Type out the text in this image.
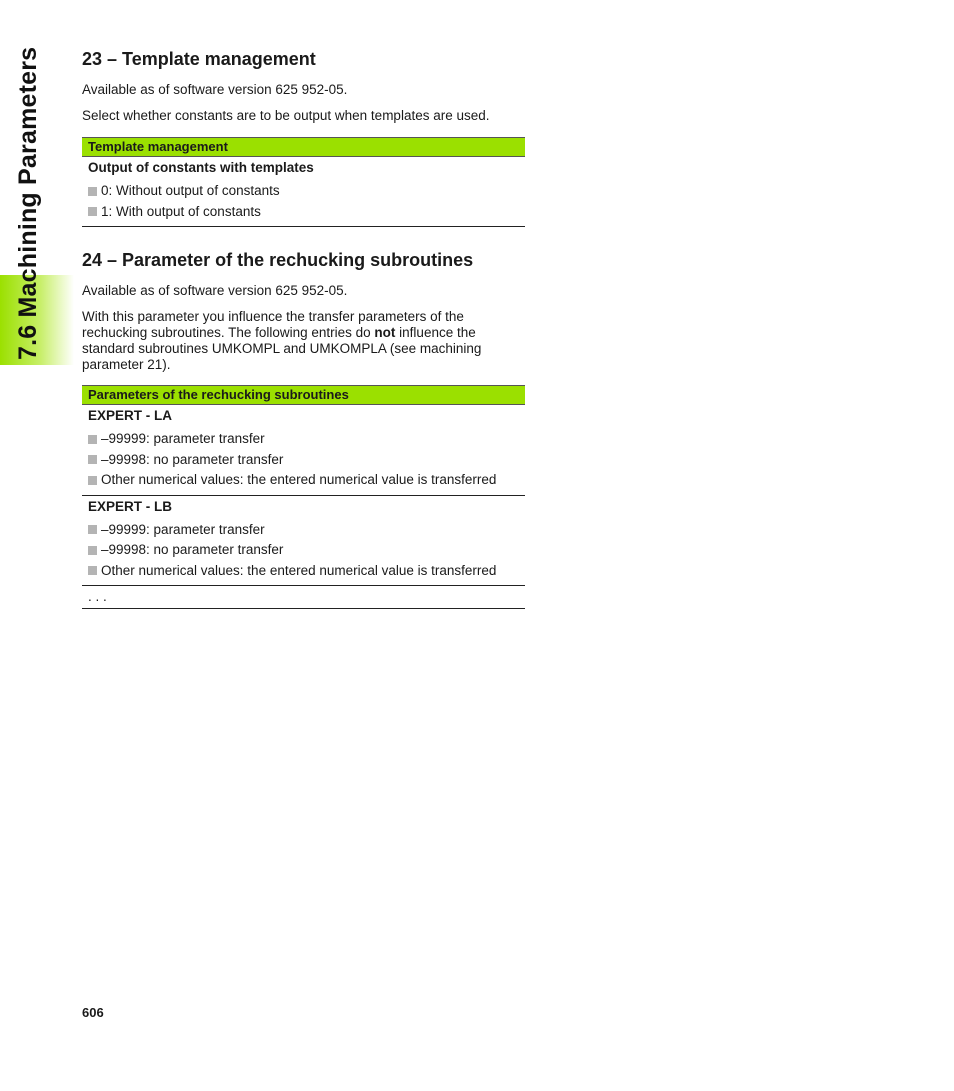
7.6 Machining Parameters 23 – Template management

Available as of software version 625 952-05.

Select whether constants are to be output when templates are used.

Template management
Output of constants with templates
0: Without output of constants
1: With output of constants
24 – Parameter of the rechucking subroutines

Available as of software version 625 952-05.

With this parameter you influence the transfer parameters of the rechucking subroutines. The following entries do not influence the standard subroutines UMKOMPL and UMKOMPLA (see machining parameter 21).

Parameters of the rechucking subroutines
EXPERT - LA
–99999: parameter transfer
–99998: no parameter transfer
Other numerical values: the entered numerical value is transferred
EXPERT - LB
–99999: parameter transfer
–99998: no parameter transfer
Other numerical values: the entered numerical value is transferred
. . .
606
